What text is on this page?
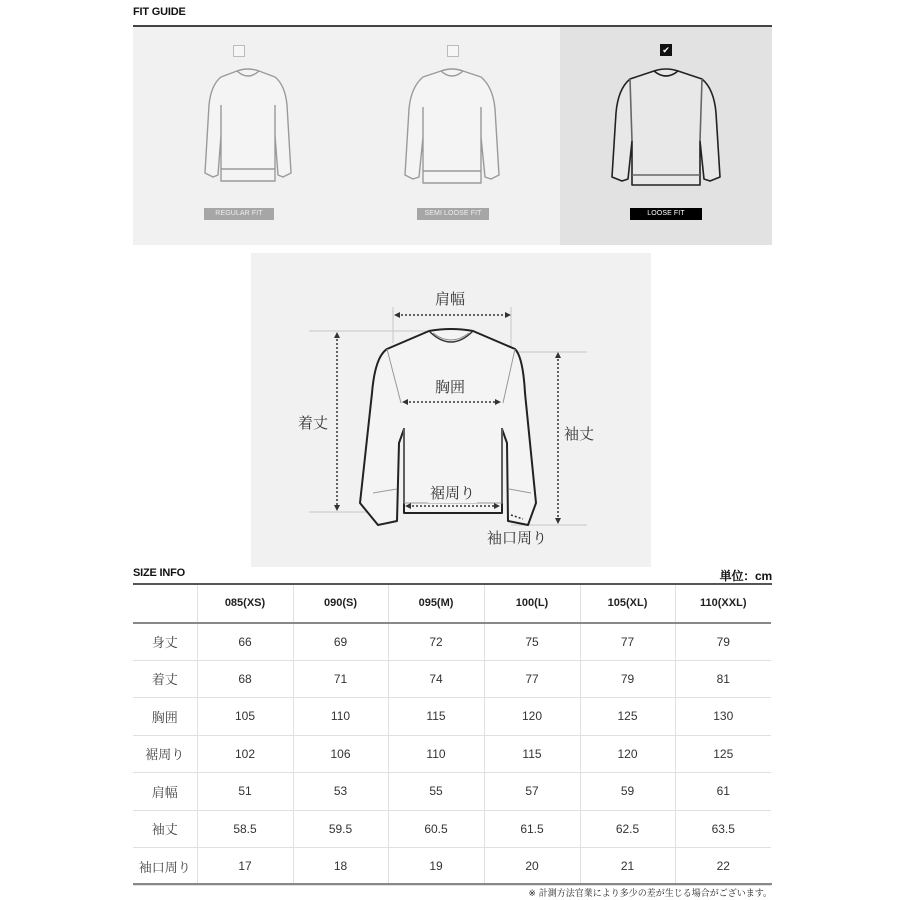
FIT GUIDE
REGULAR FIT	SEMI LOOSE FIT
✔
LOOSE FIT
肩幅
胸囲
着丈
袖丈
裾周り
袖口周り
SIZE INFO	単位：cm
	085(XS)	090(S)	095(M)	100(L)	105(XL)	110(XXL)
身丈	66	69	72	75	77	79
着丈	68	71	74	77	79	81
胸囲	105	110	115	120	125	130
裾周り	102	106	110	115	120	125
肩幅	51	53	55	57	59	61
袖丈	58.5	59.5	60.5	61.5	62.5	63.5
袖口周り	17	18	19	20	21	22
※ 計測方法官業により多少の差が生じる場合がございます。
